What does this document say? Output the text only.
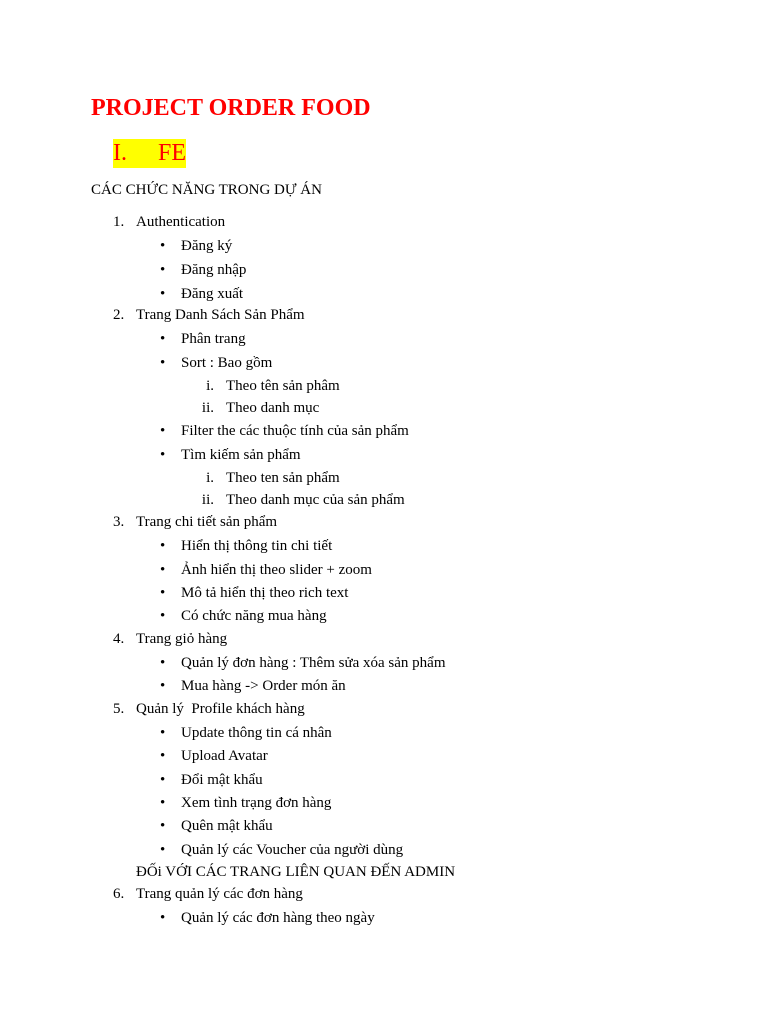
PROJECT ORDER FOOD
I. FE
CÁC CHỨC NĂNG TRONG DỰ ÁN
1. Authentication
• Đăng ký
• Đăng nhập
• Đăng xuất
2. Trang Danh Sách Sản Phẩm
• Phân trang
• Sort : Bao gồm
i. Theo tên sản phâm
ii. Theo danh mục
• Filter the các thuộc tính của sản phẩm
• Tìm kiếm sản phẩm
i. Theo ten sản phẩm
ii. Theo danh mục của sản phẩm
3. Trang chi tiết sản phẩm
• Hiển thị thông tin chi tiết
• Ảnh hiển thị theo slider + zoom
• Mô tả hiển thị theo rich text
• Có chức năng mua hàng
4. Trang giỏ hàng
• Quản lý đơn hàng : Thêm sửa xóa sản phẩm
• Mua hàng -> Order món ăn
5. Quản lý  Profile khách hàng
• Update thông tin cá nhân
• Upload Avatar
• Đổi mật khẩu
• Xem tình trạng đơn hàng
• Quên mật khẩu
• Quản lý các Voucher của người dùng
ĐỐi VỚI CÁC TRANG LIÊN QUAN ĐẾN ADMIN
6. Trang quản lý các đơn hàng
• Quản lý các đơn hàng theo ngày
